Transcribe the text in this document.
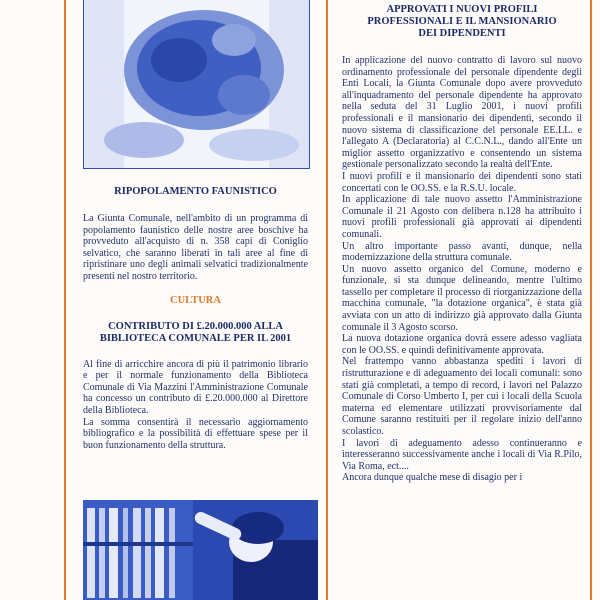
RIPOPOLAMENTO FAUNISTICO

La Giunta Comunale, nell'ambito di un programma di popolamento faunistico delle nostre aree boschive ha provveduto all'acquisto di n. 358 capi di Coniglio selvatico, che saranno liberati in tali aree al fine di ripristinare uno degli animali selvatici tradizionalmente presenti nel nostro territorio.

CULTURA
CONTRIBUTO DI £.20.000.000 ALLA
BIBLIOTECA COMUNALE PER IL 2001

Al fine di arricchire ancora di più il patrimonio librario e per il normale funzionamento della Biblioteca Comunale di Via Mazzini l'Amministrazione Comunale ha concesso un contributo di £.20.000.000 al Direttore della Biblioteca.

La somma consentirà il necessario aggiornamento bibliografico e la possibilità di effettuare spese per il buon funzionamento della struttura.

APPROVATI I NUOVI PROFILI
PROFESSIONALI E IL MANSIONARIO
DEI DIPENDENTI

In applicazione del nuovo contratto di lavoro sul nuovo ordinamento professionale del personale dipendente degli Enti Locali, la Giunta Comunale dopo avere provveduto all'inquadramento del personale dipendente ha approvato nella seduta del 31 Luglio 2001, i nuovi profili professionali e il mansionario dei dipendenti, secondo il nuovo sistema di classificazione del personale EE.LL. e l'allegato A (Declaratoria) al C.C.N.L., dando all'Ente un miglior assetto organizzativo e consentendo un sistema gestionale personalizzato secondo la realtà dell'Ente.

I nuovi profili e il mansionario dei dipendenti sono stati concertati con le OO.SS. e la R.S.U. locale.

In applicazione di tale nuovo assetto l'Amministrazione Comunale il 21 Agosto con delibera n.128 ha attribuito i nuovi profili professionali già approvati ai dipendenti comunali.

Un altro importante passo avanti, dunque, nella modernizzazione della struttura comunale.

Un nuovo assetto organico del Comune, moderno e funzionale, si sta dunque delineando, mentre l'ultimo tassello per completare il processo di riorganizzazione della macchina comunale, "la dotazione organica", è stata già avviata con un atto di indirizzo già approvato dalla Giunta comunale il 3 Agosto scorso.

La nuova dotazione organica dovrà essere adesso vagliata con le OO.SS. e quindi definitivamente approvata.

Nel frattempo vanno abbastanza spediti i lavori di ristrutturazione e di adeguamento dei locali comunali: sono stati già completati, a tempo di record, i lavori nel Palazzo Comunale di Corso Umberto I, per cui i locali della Scuola materna ed elementare utilizzati provvisoriamente dal Comune saranno restituiti per il regolare inizio dell'anno scolastico.

I lavori di adeguamento adesso continueranno e interesseranno successivamente anche i locali di Via R.Pilo, Via Roma, ect....

Ancora dunque qualche mese di disagio per i
